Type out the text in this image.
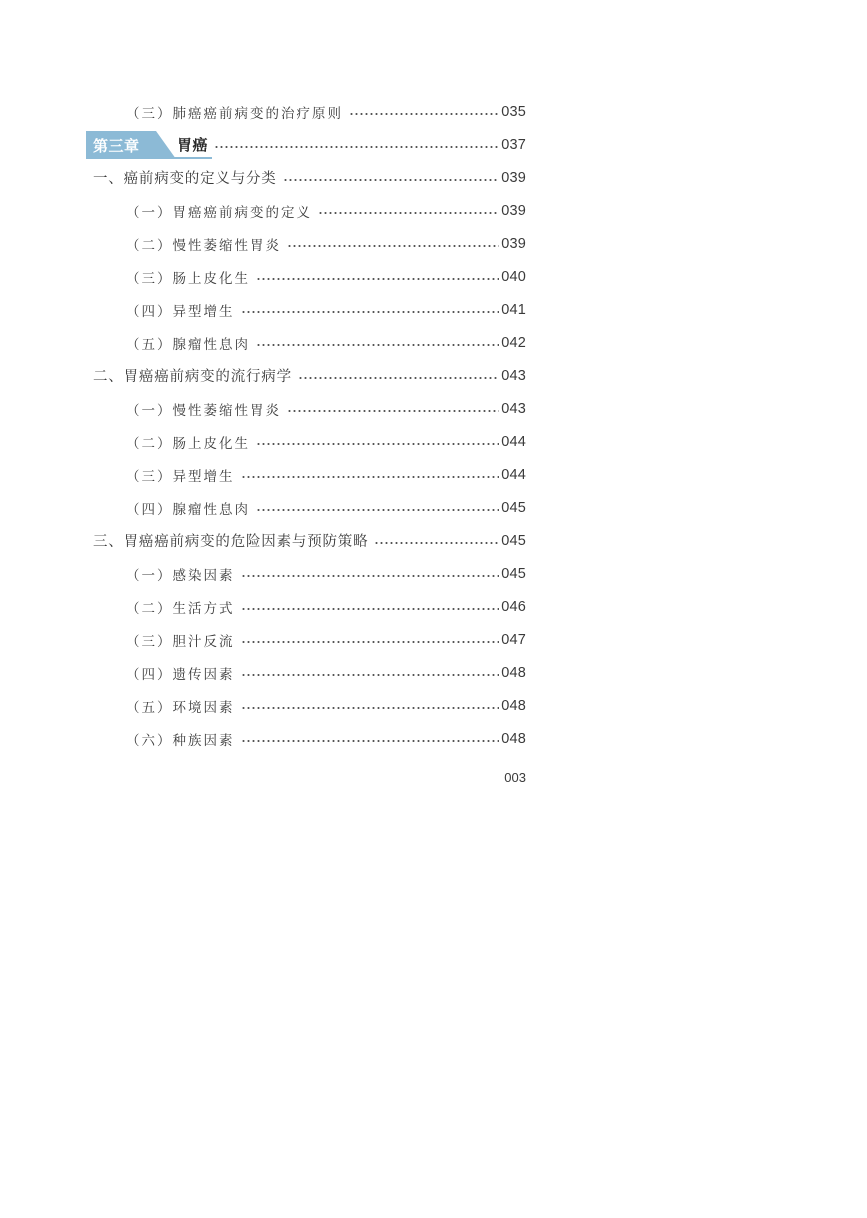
（三）肺癌癌前病变的治疗原则	035
第三章 胃癌	037
一、癌前病变的定义与分类	039
（一）胃癌癌前病变的定义	039
（二）慢性萎缩性胃炎	039
（三）肠上皮化生	040
（四）异型增生	041
（五）腺瘤性息肉	042
二、胃癌癌前病变的流行病学	043
（一）慢性萎缩性胃炎	043
（二）肠上皮化生	044
（三）异型增生	044
（四）腺瘤性息肉	045
三、胃癌癌前病变的危险因素与预防策略	045
（一）感染因素	045
（二）生活方式	046
（三）胆汁反流	047
（四）遗传因素	048
（五）环境因素	048
（六）种族因素	048
003
